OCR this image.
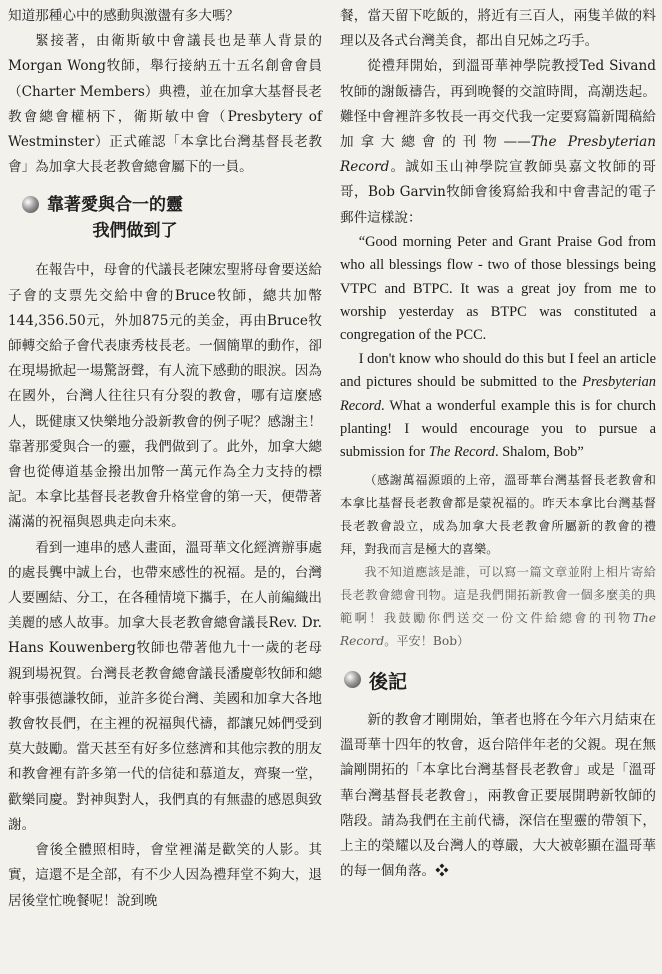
知道那種心中的感動與激盪有多大嗎？

緊接著，由衛斯敏中會議長也是華人背景的Morgan Wong牧師，舉行接納五十五名創會會員（Charter Members）典禮，並在加拿大基督長老教會總會權柄下，衛斯敏中會（Presbytery of Westminster）正式確認「本拿比台灣基督長老教會」為加拿大長老教會總會屬下的一員。

靠著愛與合一的靈
我們做到了

在報告中，母會的代議長老陳宏聖將母會要送給子會的支票先交給中會的Bruce牧師，總共加幣144,356.50元，外加875元的美金，再由Bruce牧師轉交給子會代表康秀枝長老。一個簡單的動作，卻在現場掀起一場驚訝聲，有人流下感動的眼淚。因為在國外，台灣人往往只有分裂的教會，哪有這麼感人，既健康又快樂地分設新教會的例子呢？感謝主！靠著那愛與合一的靈，我們做到了。此外，加拿大總會也從傳道基金撥出加幣一萬元作為全力支持的標記。本拿比基督長老教會升格堂會的第一天，便帶著滿滿的祝福與恩典走向未來。

看到一連串的感人畫面，溫哥華文化經濟辦事處的處長龔中誠上台，也帶來感性的祝福。是的，台灣人要團結、分工，在各種情境下攜手，在人前編織出美麗的感人故事。加拿大長老教會總會議長Rev. Dr. Hans Kouwenberg牧師也帶著他九十一歲的老母親到場祝賀。台灣長老教會總會議長潘慶彰牧師和總幹事張德謙牧師，並許多從台灣、美國和加拿大各地教會牧長們，在主裡的祝福與代禱，都讓兄姊們受到莫大鼓勵。當天甚至有好多位慈濟和其他宗教的朋友和教會裡有許多第一代的信徒和慕道友，齊聚一堂，歡樂同慶。對神與對人，我們真的有無盡的感恩與致謝。

會後全體照相時，會堂裡滿是歡笑的人影。其實，這還不是全部，有不少人因為禮拜堂不夠大，退居後堂忙晚餐呢！說到晚

餐，當天留下吃飯的，將近有三百人，兩隻羊做的料理以及各式台灣美食，都出自兄姊之巧手。

從禮拜開始，到溫哥華神學院教授Ted Sivand牧師的謝飯禱告，再到晚餐的交誼時間，高潮迭起。難怪中會裡許多牧長一再交代我一定要寫篇新聞稿給加拿大總會的刊物——The Presbyterian Record。誠如玉山神學院宣教師吳嘉文牧師的哥哥，Bob Garvin牧師會後寫給我和中會書記的電子郵件這樣說：

“Good morning Peter and Grant Praise God from who all blessings flow - two of those blessings being VTPC and BTPC. It was a great joy from me to worship yesterday as BTPC was constituted a congregation of the PCC.

I don't know who should do this but I feel an article and pictures should be submitted to the Presbyterian Record. What a wonderful example this is for church planting! I would encourage you to pursue a submission for The Record. Shalom, Bob”

（感謝萬福源頭的上帝，溫哥華台灣基督長老教會和本拿比基督長老教會都是蒙祝福的。昨天本拿比台灣基督長老教會設立，成為加拿大長老教會所屬新的教會的禮拜，對我而言是極大的喜樂。

我不知道應該是誰，可以寫一篇文章並附上相片寄給長老教會總會刊物。這是我們開拓新教會一個多麼美的典範啊！我鼓勵你們送交一份文件給總會的刊物The Record。平安！Bob）

後記

新的教會才剛開始，筆者也將在今年六月結束在溫哥華十四年的牧會，返台陪伴年老的父親。現在無論剛開拓的「本拿比台灣基督長老教會」或是「溫哥華台灣基督長老教會」，兩教會正要展開聘新牧師的階段。請為我們在主前代禱，深信在聖靈的帶領下，上主的榮耀以及台灣人的尊嚴，大大被彰顯在溫哥華的每一個角落。❖
